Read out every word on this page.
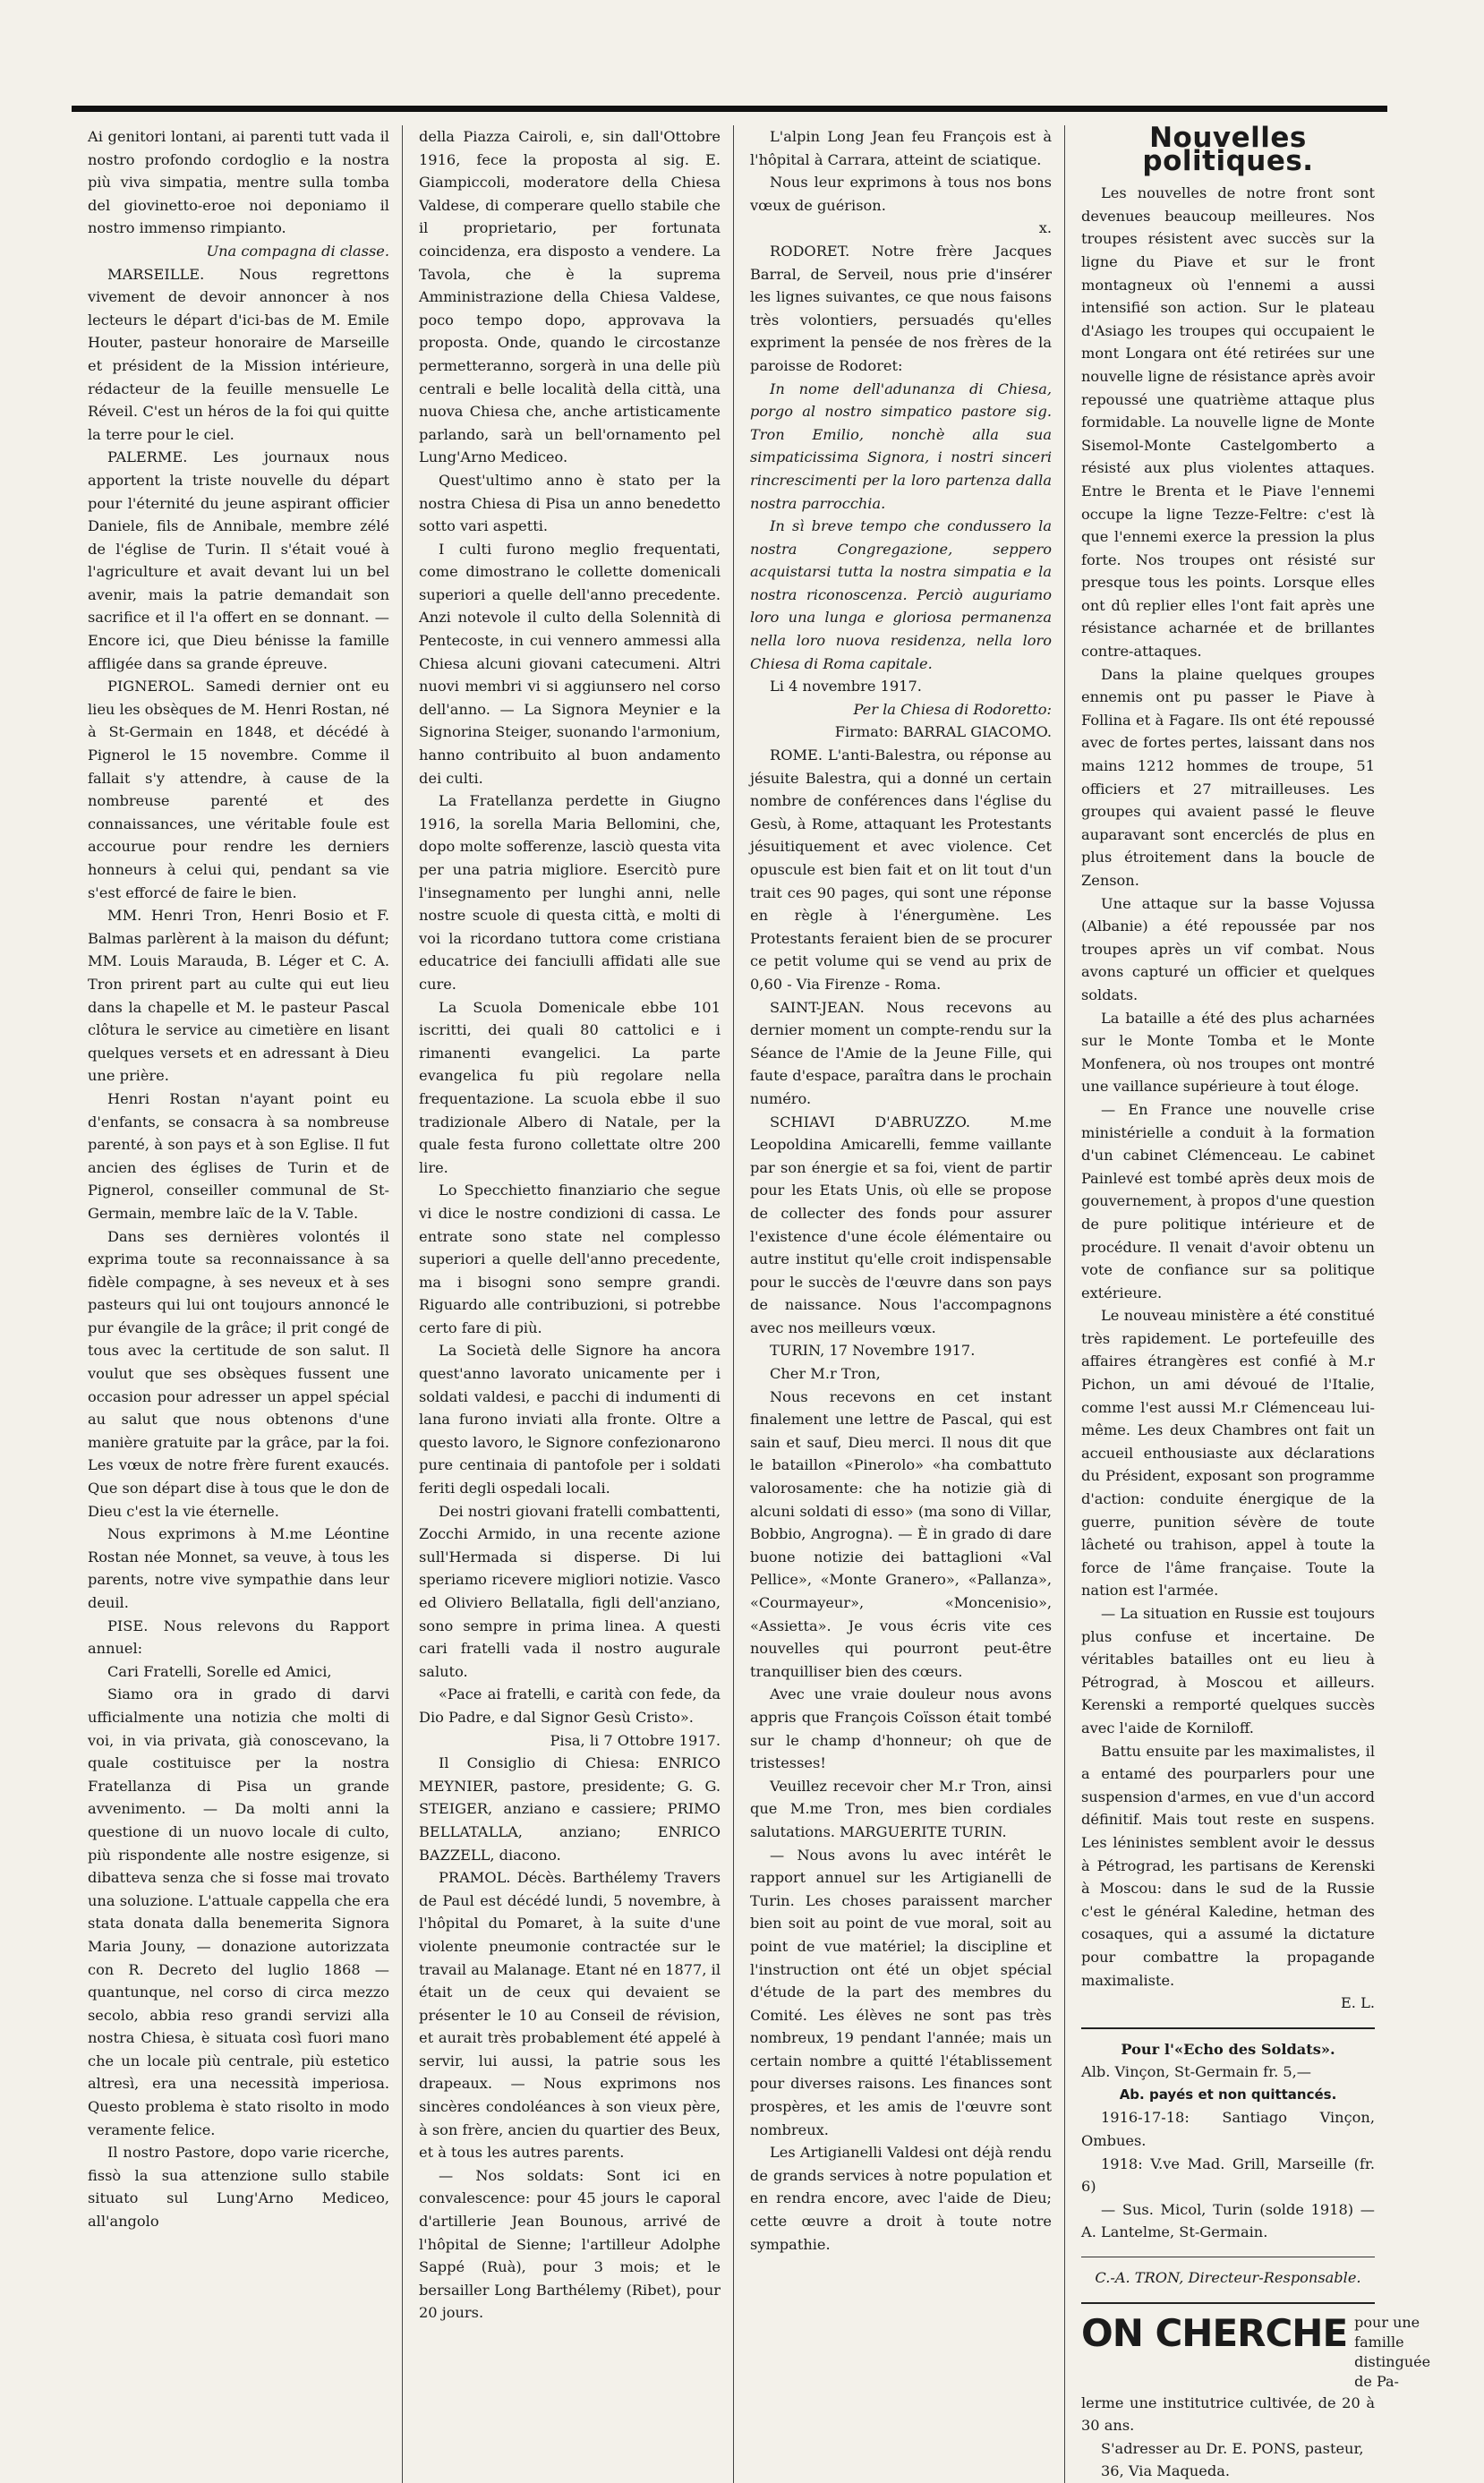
Ai genitori lontani, ai parenti tutt vada il nostro profondo cordoglio e la nostra più viva simpatia, mentre sulla tomba del giovinetto-eroe noi deponiamo il nostro immenso rimpianto.

Una compagna di classe.

MARSEILLE. Nous regrettons vivement de devoir annoncer à nos lecteurs le départ d'ici-bas de M. Emile Houter, pasteur honoraire de Marseille et président de la Mission intérieure, rédacteur de la feuille mensuelle Le Réveil. C'est un héros de la foi qui quitte la terre pour le ciel.

PALERME. Les journaux nous apportent la triste nouvelle du départ pour l'éternité du jeune aspirant officier Daniele, fils de Annibale, membre zélé de l'église de Turin. Il s'était voué à l'agriculture et avait devant lui un bel avenir, mais la patrie demandait son sacrifice et il l'a offert en se donnant. — Encore ici, que Dieu bénisse la famille affligée dans sa grande épreuve.

PIGNEROL. Samedi dernier ont eu lieu les obsèques de M. Henri Rostan, né à St-Germain en 1848, et décédé à Pignerol le 15 novembre. Comme il fallait s'y attendre, à cause de la nombreuse parenté et des connaissances, une véritable foule est accourue pour rendre les derniers honneurs à celui qui, pendant sa vie s'est efforcé de faire le bien.

MM. Henri Tron, Henri Bosio et F. Balmas parlèrent à la maison du défunt; MM. Louis Marauda, B. Léger et C. A. Tron prirent part au culte qui eut lieu dans la chapelle et M. le pasteur Pascal clôtura le service au cimetière en lisant quelques versets et en adressant à Dieu une prière.

Henri Rostan n'ayant point eu d'enfants, se consacra à sa nombreuse parenté, à son pays et à son Eglise. Il fut ancien des églises de Turin et de Pignerol, conseiller communal de St-Germain, membre laïc de la V. Table.

Dans ses dernières volontés il exprima toute sa reconnaissance à sa fidèle compagne, à ses neveux et à ses pasteurs qui lui ont toujours annoncé le pur évangile de la grâce; il prit congé de tous avec la certitude de son salut. Il voulut que ses obsèques fussent une occasion pour adresser un appel spécial au salut que nous obtenons d'une manière gratuite par la grâce, par la foi. Les vœux de notre frère furent exaucés. Que son départ dise à tous que le don de Dieu c'est la vie éternelle.

Nous exprimons à M.me Léontine Rostan née Monnet, sa veuve, à tous les parents, notre vive sympathie dans leur deuil.

PISE. Nous relevons du Rapport annuel:

Cari Fratelli, Sorelle ed Amici,

Siamo ora in grado di darvi ufficialmente una notizia che molti di voi, in via privata, già conoscevano, la quale costituisce per la nostra Fratellanza di Pisa un grande avvenimento. — Da molti anni la questione di un nuovo locale di culto, più rispondente alle nostre esigenze, si dibatteva senza che si fosse mai trovato una soluzione. L'attuale cappella che era stata donata dalla benemerita Signora Maria Jouny, — donazione autorizzata con R. Decreto del luglio 1868 — quantunque, nel corso di circa mezzo secolo, abbia reso grandi servizi alla nostra Chiesa, è situata così fuori mano che un locale più centrale, più estetico altresì, era una necessità imperiosa. Questo problema è stato risolto in modo veramente felice.

Il nostro Pastore, dopo varie ricerche, fissò la sua attenzione sullo stabile situato sul Lung'Arno Mediceo, all'angolo

della Piazza Cairoli, e, sin dall'Ottobre 1916, fece la proposta al sig. E. Giampiccoli, moderatore della Chiesa Valdese, di comperare quello stabile che il proprietario, per fortunata coincidenza, era disposto a vendere. La Tavola, che è la suprema Amministrazione della Chiesa Valdese, poco tempo dopo, approvava la proposta. Onde, quando le circostanze permetteranno, sorgerà in una delle più centrali e belle località della città, una nuova Chiesa che, anche artisticamente parlando, sarà un bell'ornamento pel Lung'Arno Mediceo.

Quest'ultimo anno è stato per la nostra Chiesa di Pisa un anno benedetto sotto vari aspetti.

I culti furono meglio frequentati, come dimostrano le collette domenicali superiori a quelle dell'anno precedente. Anzi notevole il culto della Solennità di Pentecoste, in cui vennero ammessi alla Chiesa alcuni giovani catecumeni. Altri nuovi membri vi si aggiunsero nel corso dell'anno. — La Signora Meynier e la Signorina Steiger, suonando l'armonium, hanno contribuito al buon andamento dei culti.

La Fratellanza perdette in Giugno 1916, la sorella Maria Bellomini, che, dopo molte sofferenze, lasciò questa vita per una patria migliore. Esercitò pure l'insegnamento per lunghi anni, nelle nostre scuole di questa città, e molti di voi la ricordano tuttora come cristiana educatrice dei fanciulli affidati alle sue cure.

La Scuola Domenicale ebbe 101 iscritti, dei quali 80 cattolici e i rimanenti evangelici. La parte evangelica fu più regolare nella frequentazione. La scuola ebbe il suo tradizionale Albero di Natale, per la quale festa furono collettate oltre 200 lire.

Lo Specchietto finanziario che segue vi dice le nostre condizioni di cassa. Le entrate sono state nel complesso superiori a quelle dell'anno precedente, ma i bisogni sono sempre grandi. Riguardo alle contribuzioni, si potrebbe certo fare di più.

La Società delle Signore ha ancora quest'anno lavorato unicamente per i soldati valdesi, e pacchi di indumenti di lana furono inviati alla fronte. Oltre a questo lavoro, le Signore confezionarono pure centinaia di pantofole per i soldati feriti degli ospedali locali.

Dei nostri giovani fratelli combattenti, Zocchi Armido, in una recente azione sull'Hermada si disperse. Di lui speriamo ricevere migliori notizie. Vasco ed Oliviero Bellatalla, figli dell'anziano, sono sempre in prima linea. A questi cari fratelli vada il nostro augurale saluto.

«Pace ai fratelli, e carità con fede, da Dio Padre, e dal Signor Gesù Cristo».

Pisa, li 7 Ottobre 1917.

Il Consiglio di Chiesa: ENRICO MEYNIER, pastore, presidente; G. G. STEIGER, anziano e cassiere; PRIMO BELLATALLA, anziano; ENRICO BAZZELL, diacono.

PRAMOL. Décès. Barthélemy Travers de Paul est décédé lundi, 5 novembre, à l'hôpital du Pomaret, à la suite d'une violente pneumonie contractée sur le travail au Malanage. Etant né en 1877, il était un de ceux qui devaient se présenter le 10 au Conseil de révision, et aurait très probablement été appelé à servir, lui aussi, la patrie sous les drapeaux. — Nous exprimons nos sincères condoléances à son vieux père, à son frère, ancien du quartier des Beux, et à tous les autres parents.

— Nos soldats: Sont ici en convalescence: pour 45 jours le caporal d'artillerie Jean Bounous, arrivé de l'hôpital de Sienne; l'artilleur Adolphe Sappé (Ruà), pour 3 mois; et le bersailler Long Barthélemy (Ribet), pour 20 jours.

L'alpin Long Jean feu François est à l'hôpital à Carrara, atteint de sciatique.

Nous leur exprimons à tous nos bons vœux de guérison.

x.

RODORET. Notre frère Jacques Barral, de Serveil, nous prie d'insérer les lignes suivantes, ce que nous faisons très volontiers, persuadés qu'elles expriment la pensée de nos frères de la paroisse de Rodoret:

In nome dell'adunanza di Chiesa, porgo al nostro simpatico pastore sig. Tron Emilio, nonchè alla sua simpaticissima Signora, i nostri sinceri rincrescimenti per la loro partenza dalla nostra parrocchia.

In sì breve tempo che condussero la nostra Congregazione, seppero acquistarsi tutta la nostra simpatia e la nostra riconoscenza. Perciò auguriamo loro una lunga e gloriosa permanenza nella loro nuova residenza, nella loro Chiesa di Roma capitale.

Li 4 novembre 1917.

Per la Chiesa di Rodoretto:

Firmato: BARRAL GIACOMO.

ROME. L'anti-Balestra, ou réponse au jésuite Balestra, qui a donné un certain nombre de conférences dans l'église du Gesù, à Rome, attaquant les Protestants jésuitiquement et avec violence. Cet opuscule est bien fait et on lit tout d'un trait ces 90 pages, qui sont une réponse en règle à l'énergumène. Les Protestants feraient bien de se procurer ce petit volume qui se vend au prix de 0,60 - Via Firenze - Roma.

SAINT-JEAN. Nous recevons au dernier moment un compte-rendu sur la Séance de l'Amie de la Jeune Fille, qui faute d'espace, paraîtra dans le prochain numéro.

SCHIAVI D'ABRUZZO. M.me Leopoldina Amicarelli, femme vaillante par son énergie et sa foi, vient de partir pour les Etats Unis, où elle se propose de collecter des fonds pour assurer l'existence d'une école élémentaire ou autre institut qu'elle croit indispensable pour le succès de l'œuvre dans son pays de naissance. Nous l'accompagnons avec nos meilleurs vœux.

TURIN, 17 Novembre 1917.

Cher M.r Tron,

Nous recevons en cet instant finalement une lettre de Pascal, qui est sain et sauf, Dieu merci. Il nous dit que le bataillon «Pinerolo» «ha combattuto valorosamente: che ha notizie già di alcuni soldati di esso» (ma sono di Villar, Bobbio, Angrogna). — È in grado di dare buone notizie dei battaglioni «Val Pellice», «Monte Granero», «Pallanza», «Courmayeur», «Moncenisio», «Assietta». Je vous écris vite ces nouvelles qui pourront peut-être tranquilliser bien des cœurs.

Avec une vraie douleur nous avons appris que François Coïsson était tombé sur le champ d'honneur; oh que de tristesses!

Veuillez recevoir cher M.r Tron, ainsi que M.me Tron, mes bien cordiales salutations. MARGUERITE TURIN.

— Nous avons lu avec intérêt le rapport annuel sur les Artigianelli de Turin. Les choses paraissent marcher bien soit au point de vue moral, soit au point de vue matériel; la discipline et l'instruction ont été un objet spécial d'étude de la part des membres du Comité. Les élèves ne sont pas très nombreux, 19 pendant l'année; mais un certain nombre a quitté l'établissement pour diverses raisons. Les finances sont prospères, et les amis de l'œuvre sont nombreux.

Les Artigianelli Valdesi ont déjà rendu de grands services à notre population et en rendra encore, avec l'aide de Dieu; cette œuvre a droit à toute notre sympathie.

Nouvelles politiques.

Les nouvelles de notre front sont devenues beaucoup meilleures. Nos troupes résistent avec succès sur la ligne du Piave et sur le front montagneux où l'ennemi a aussi intensifié son action. Sur le plateau d'Asiago les troupes qui occupaient le mont Longara ont été retirées sur une nouvelle ligne de résistance après avoir repoussé une quatrième attaque plus formidable. La nouvelle ligne de Monte Sisemol-Monte Castelgomberto a résisté aux plus violentes attaques. Entre le Brenta et le Piave l'ennemi occupe la ligne Tezze-Feltre: c'est là que l'ennemi exerce la pression la plus forte. Nos troupes ont résisté sur presque tous les points. Lorsque elles ont dû replier elles l'ont fait après une résistance acharnée et de brillantes contre-attaques.

Dans la plaine quelques groupes ennemis ont pu passer le Piave à Follina et à Fagare. Ils ont été repoussé avec de fortes pertes, laissant dans nos mains 1212 hommes de troupe, 51 officiers et 27 mitrailleuses. Les groupes qui avaient passé le fleuve auparavant sont encerclés de plus en plus étroitement dans la boucle de Zenson.

Une attaque sur la basse Vojussa (Albanie) a été repoussée par nos troupes après un vif combat. Nous avons capturé un officier et quelques soldats.

La bataille a été des plus acharnées sur le Monte Tomba et le Monte Monfenera, où nos troupes ont montré une vaillance supérieure à tout éloge.

— En France une nouvelle crise ministérielle a conduit à la formation d'un cabinet Clémenceau. Le cabinet Painlevé est tombé après deux mois de gouvernement, à propos d'une question de pure politique intérieure et de procédure. Il venait d'avoir obtenu un vote de confiance sur sa politique extérieure.

Le nouveau ministère a été constitué très rapidement. Le portefeuille des affaires étrangères est confié à M.r Pichon, un ami dévoué de l'Italie, comme l'est aussi M.r Clémenceau lui-même. Les deux Chambres ont fait un accueil enthousiaste aux déclarations du Président, exposant son programme d'action: conduite énergique de la guerre, punition sévère de toute lâcheté ou trahison, appel à toute la force de l'âme française. Toute la nation est l'armée.

— La situation en Russie est toujours plus confuse et incertaine. De véritables batailles ont eu lieu à Pétrograd, à Moscou et ailleurs. Kerenski a remporté quelques succès avec l'aide de Korniloff.

Battu ensuite par les maximalistes, il a entamé des pourparlers pour une suspension d'armes, en vue d'un accord définitif. Mais tout reste en suspens. Les léninistes semblent avoir le dessus à Pétrograd, les partisans de Kerenski à Moscou: dans le sud de la Russie c'est le général Kaledine, hetman des cosaques, qui a assumé la dictature pour combattre la propagande maximaliste.

E. L.

Pour l'«Echo des Soldats».

Alb. Vinçon, St-Germain fr. 5,—

Ab. payés et non quittancés.

1916-17-18: Santiago Vinçon, Ombues.

1918: V.ve Mad. Grill, Marseille (fr. 6)

— Sus. Micol, Turin (solde 1918) — A. Lantelme, St-Germain.

C.-A. TRON, Directeur-Responsable.

ON CHERCHE pour une famille distinguée de Pa-

lerme une institutrice cultivée, de 20 à 30 ans.

S'adresser au Dr. E. PONS, pasteur,

36, Via Maqueda.
